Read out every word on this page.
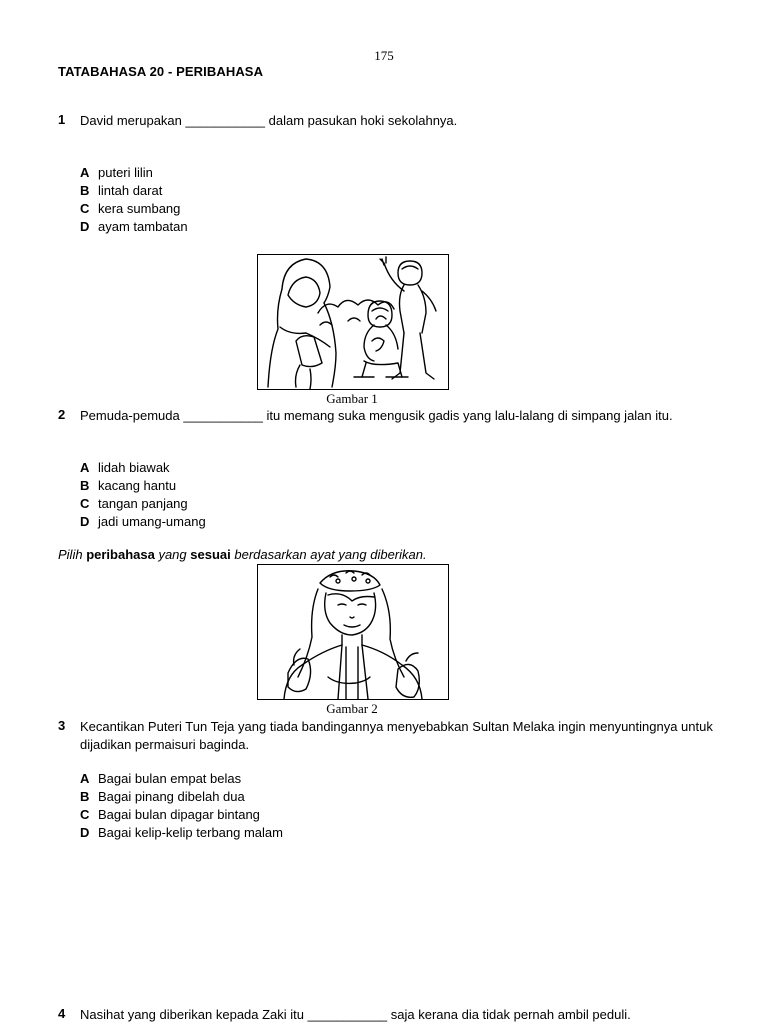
175
TATABAHASA 20 - PERIBAHASA
1 David merupakan ___________ dalam pasukan hoki sekolahnya.
A puteri lilin
B lintah darat
C kera sumbang
D ayam tambatan
Gambar 1
2 Pemuda-pemuda ___________ itu memang suka mengusik gadis yang lalu-lalang di simpang jalan itu.
A lidah biawak
B kacang hantu
C tangan panjang
D jadi umang-umang
Pilih peribahasa yang sesuai berdasarkan ayat yang diberikan.
Gambar 2
3 Kecantikan Puteri Tun Teja yang tiada bandingannya menyebabkan Sultan Melaka ingin menyuntingnya untuk dijadikan permaisuri baginda.
A Bagai bulan empat belas
B Bagai pinang dibelah dua
C Bagai bulan dipagar bintang
D Bagai kelip-kelip terbang malam
4 Nasihat yang diberikan kepada Zaki itu ___________ saja kerana dia tidak pernah ambil peduli.
